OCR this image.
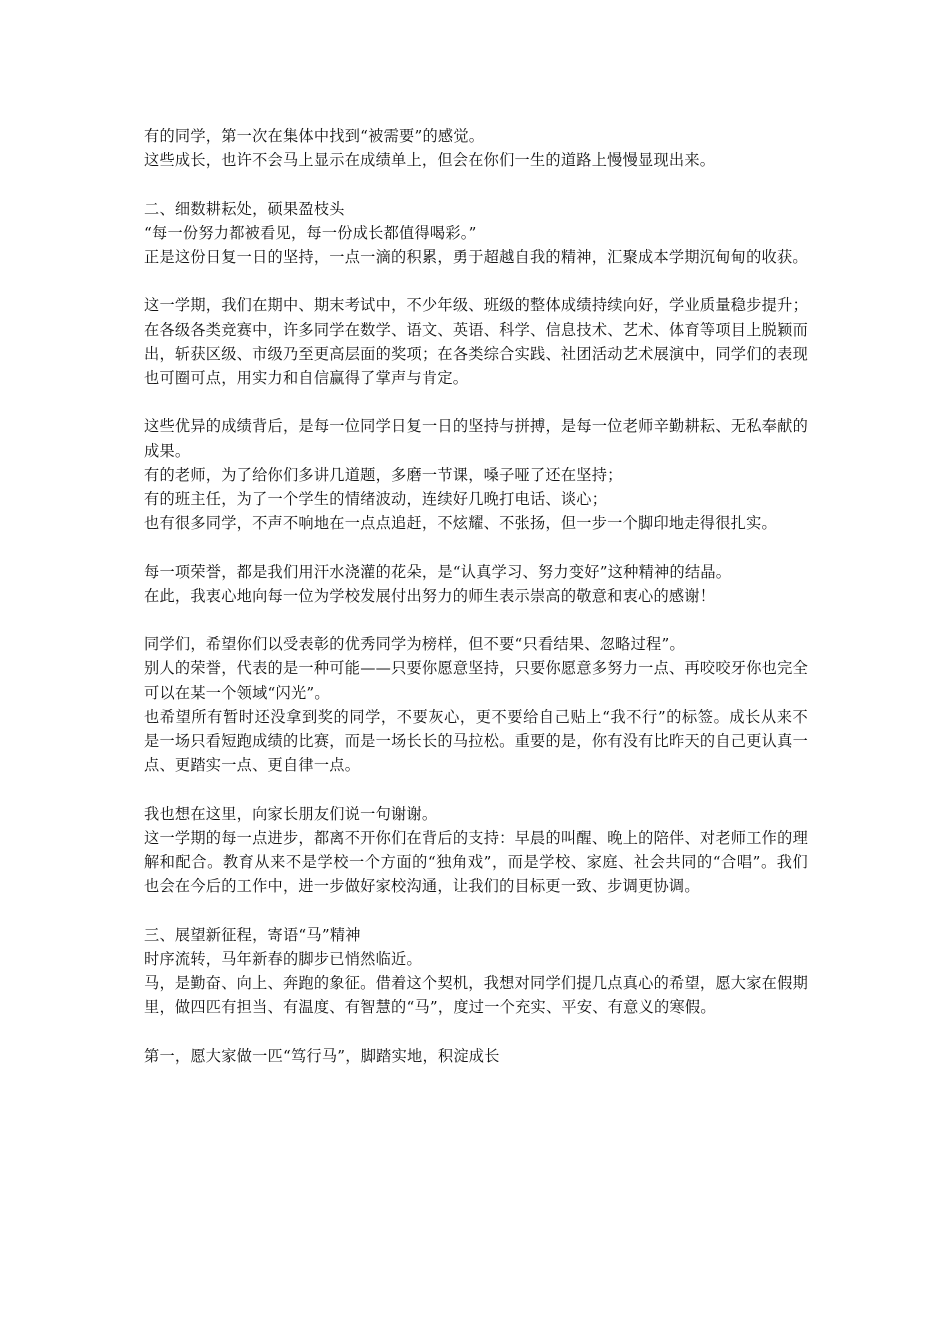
有的同学，第一次在集体中找到“被需要”的感觉。
这些成长，也许不会马上显示在成绩单上，但会在你们一生的道路上慢慢显现出来。
二、细数耕耘处，硕果盈枝头
“每一份努力都被看见，每一份成长都值得喝彩。”
正是这份日复一日的坚持，一点一滴的积累，勇于超越自我的精神，汇聚成本学期沉甸甸的收获。
这一学期，我们在期中、期末考试中，不少年级、班级的整体成绩持续向好，学业质量稳步提升；在各级各类竞赛中，许多同学在数学、语文、英语、科学、信息技术、艺术、体育等项目上脱颖而出，斩获区级、市级乃至更高层面的奖项；在各类综合实践、社团活动艺术展演中，同学们的表现也可圈可点，用实力和自信赢得了掌声与肯定。
这些优异的成绩背后，是每一位同学日复一日的坚持与拼搏，是每一位老师辛勤耕耘、无私奉献的成果。
有的老师，为了给你们多讲几道题，多磨一节课，嗓子哑了还在坚持；
有的班主任，为了一个学生的情绪波动，连续好几晚打电话、谈心；
也有很多同学，不声不响地在一点点追赶，不炫耀、不张扬，但一步一个脚印地走得很扎实。
每一项荣誉，都是我们用汗水浇灌的花朵，是“认真学习、努力变好”这种精神的结晶。
在此，我衷心地向每一位为学校发展付出努力的师生表示崇高的敬意和衷心的感谢！
同学们，希望你们以受表彰的优秀同学为榜样，但不要“只看结果、忽略过程”。
别人的荣誉，代表的是一种可能——只要你愿意坚持，只要你愿意多努力一点、再咬咬牙你也完全可以在某一个领域“闪光”。
也希望所有暂时还没拿到奖的同学，不要灰心，更不要给自己贴上“我不行”的标签。成长从来不是一场只看短跑成绩的比赛，而是一场长长的马拉松。重要的是，你有没有比昨天的自己更认真一点、更踏实一点、更自律一点。
我也想在这里，向家长朋友们说一句谢谢。
这一学期的每一点进步，都离不开你们在背后的支持：早晨的叫醒、晚上的陪伴、对老师工作的理解和配合。教育从来不是学校一个方面的“独角戏”，而是学校、家庭、社会共同的“合唱”。我们也会在今后的工作中，进一步做好家校沟通，让我们的目标更一致、步调更协调。
三、展望新征程，寄语“马”精神
时序流转，马年新春的脚步已悄然临近。
马，是勤奋、向上、奔跑的象征。借着这个契机，我想对同学们提几点真心的希望，愿大家在假期里，做四匹有担当、有温度、有智慧的“马”，度过一个充实、平安、有意义的寒假。
第一，愿大家做一匹“笃行马”，脚踏实地，积淀成长
